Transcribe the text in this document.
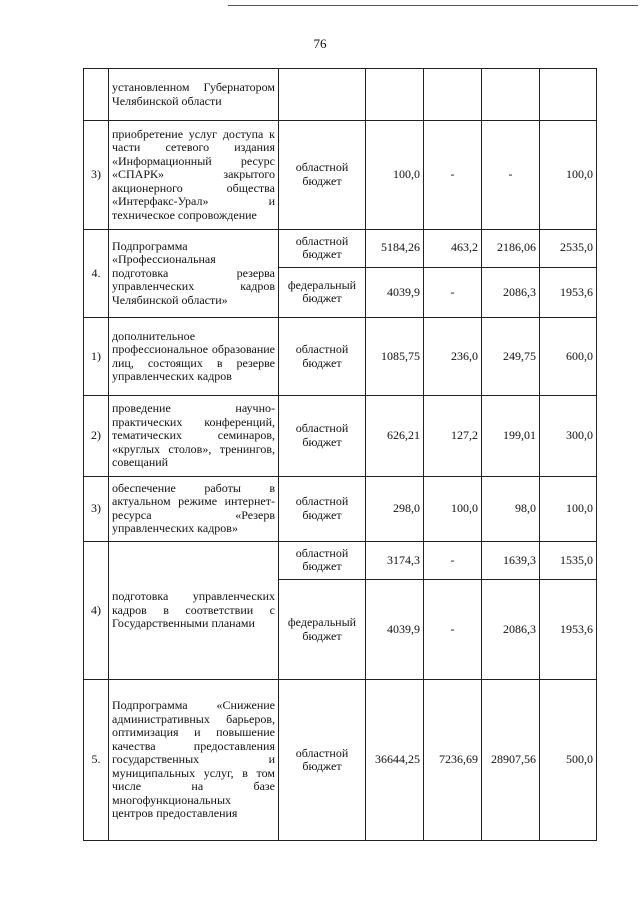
76
	установленном Губернатором Челябинской области					
3)	приобретение услуг доступа к части сетевого издания «Информационный ресурс «СПАРК» закрытого акционерного общества «Интерфакс-Урал» и техническое сопровождение	областной бюджет	100,0	-	-	100,0
4.	Подпрограмма «Профессиональная подготовка резерва управленческих кадров Челябинской области»	областной бюджет	5184,26	463,2	2186,06	2535,0
		федеральный бюджет	4039,9	-	2086,3	1953,6
1)	дополнительное профессиональное образование лиц, состоящих в резерве управленческих кадров	областной бюджет	1085,75	236,0	249,75	600,0
2)	проведение научно-практических конференций, тематических семинаров, «круглых столов», тренингов, совещаний	областной бюджет	626,21	127,2	199,01	300,0
3)	обеспечение работы в актуальном режиме интернет-ресурса «Резерв управленческих кадров»	областной бюджет	298,0	100,0	98,0	100,0
4)	подготовка управленческих кадров в соответствии с Государственными планами	областной бюджет	3174,3	-	1639,3	1535,0
		федеральный бюджет	4039,9	-	2086,3	1953,6
5.	Подпрограмма «Снижение административных барьеров, оптимизация и повышение качества предоставления государственных и муниципальных услуг, в том числе на базе многофункциональных центров предоставления	областной бюджет	36644,25	7236,69	28907,56	500,0
